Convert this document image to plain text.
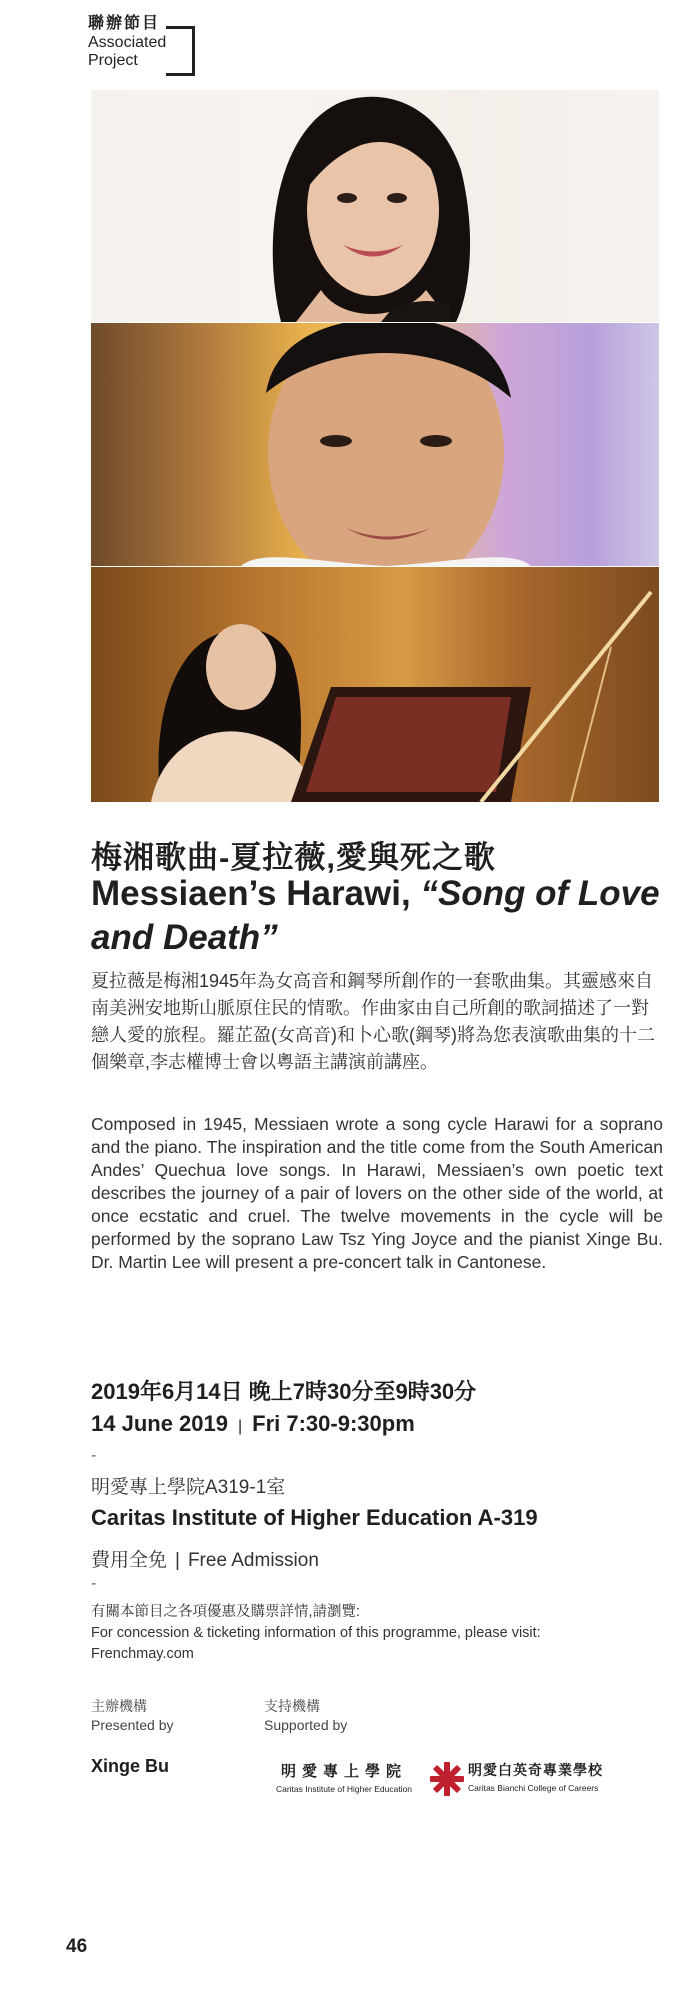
聯辦節目
Associated
Project
梅湘歌曲-夏拉薇,愛與死之歌
Messiaen’s Harawi, “Song of Love and Death”
夏拉薇是梅湘1945年為女高音和鋼琴所創作的一套歌曲集。其靈感來自南美洲安地斯山脈原住民的情歌。作曲家由自己所創的歌詞描述了一對戀人愛的旅程。羅芷盈(女高音)和卜心歌(鋼琴)將為您表演歌曲集的十二個樂章,李志權博士會以粵語主講演前講座。
Composed in 1945, Messiaen wrote a song cycle Harawi for a soprano and the piano. The inspiration and the title come from the South American Andes’ Quechua love songs. In Harawi, Messiaen’s own poetic text describes the journey of a pair of lovers on the other side of the world, at once ecstatic and cruel. The twelve movements in the cycle will be performed by the soprano Law Tsz Ying Joyce and the pianist Xinge Bu. Dr. Martin Lee will present a pre-concert talk in Cantonese.
2019年6月14日 晚上7時30分至9時30分
14 June 2019 | Fri 7:30-9:30pm
-
明愛專上學院A319-1室
Caritas Institute of Higher Education A-319
費用全免 | Free Admission
-
有關本節目之各項優惠及購票詳情,請瀏覽:
For concession & ticketing information of this programme, please visit:
Frenchmay.com
主辦機構
Presented by
支持機構
Supported by
Xinge Bu	明愛專上學院
Caritas Institute of Higher Education
明愛白英奇專業學校
Caritas Bianchi College of Careers
46
